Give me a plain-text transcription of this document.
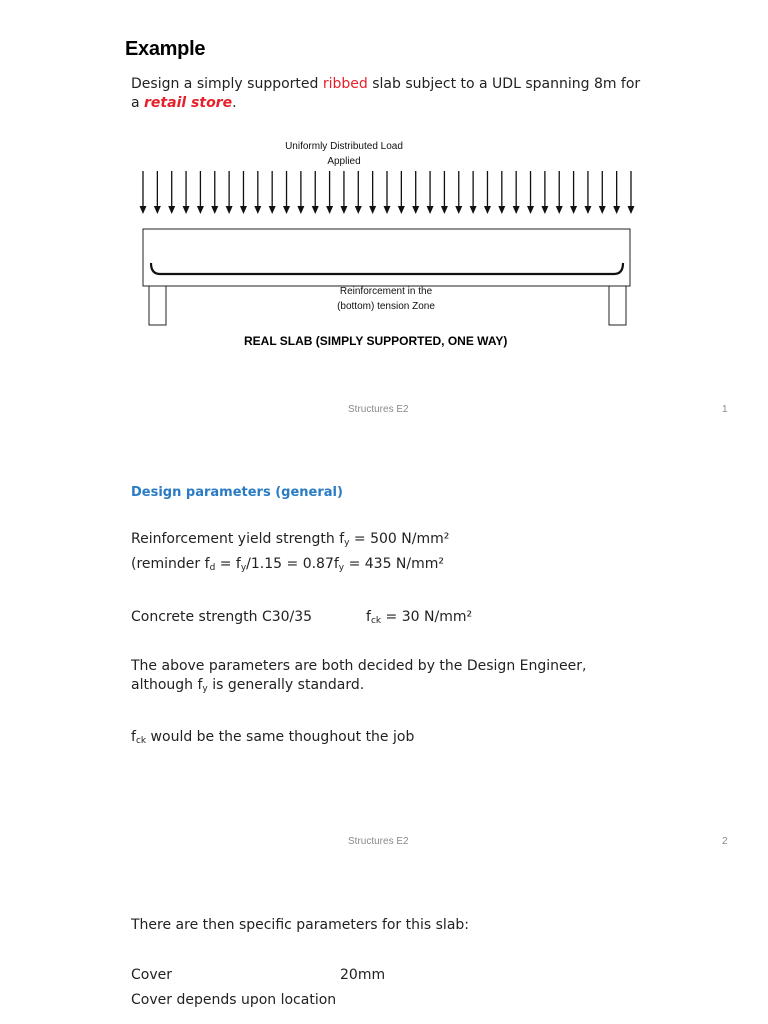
Example
Design a simply supported ribbed slab subject to a UDL spanning 8m for
a retail store.
Uniformly Distributed Load
Applied
Reinforcement in the
(bottom) tension Zone
REAL SLAB (SIMPLY SUPPORTED, ONE WAY)
Structures E2	1
Design parameters (general)
Reinforcement yield strength $f_y = 500$ N/mm²
(reminder $f_d = f_y/1.15 = 0.87f_y = 435$ N/mm²
Concrete strength C30/35	$f_{ck} = 30$ N/mm²
The above parameters are both decided by the Design Engineer,
although $f_y$ is generally standard.
$f_{ck}$ would be the same thoughout the job
Structures E2	2
There are then specific parameters for this slab:
Cover	20mm
Cover depends upon location
